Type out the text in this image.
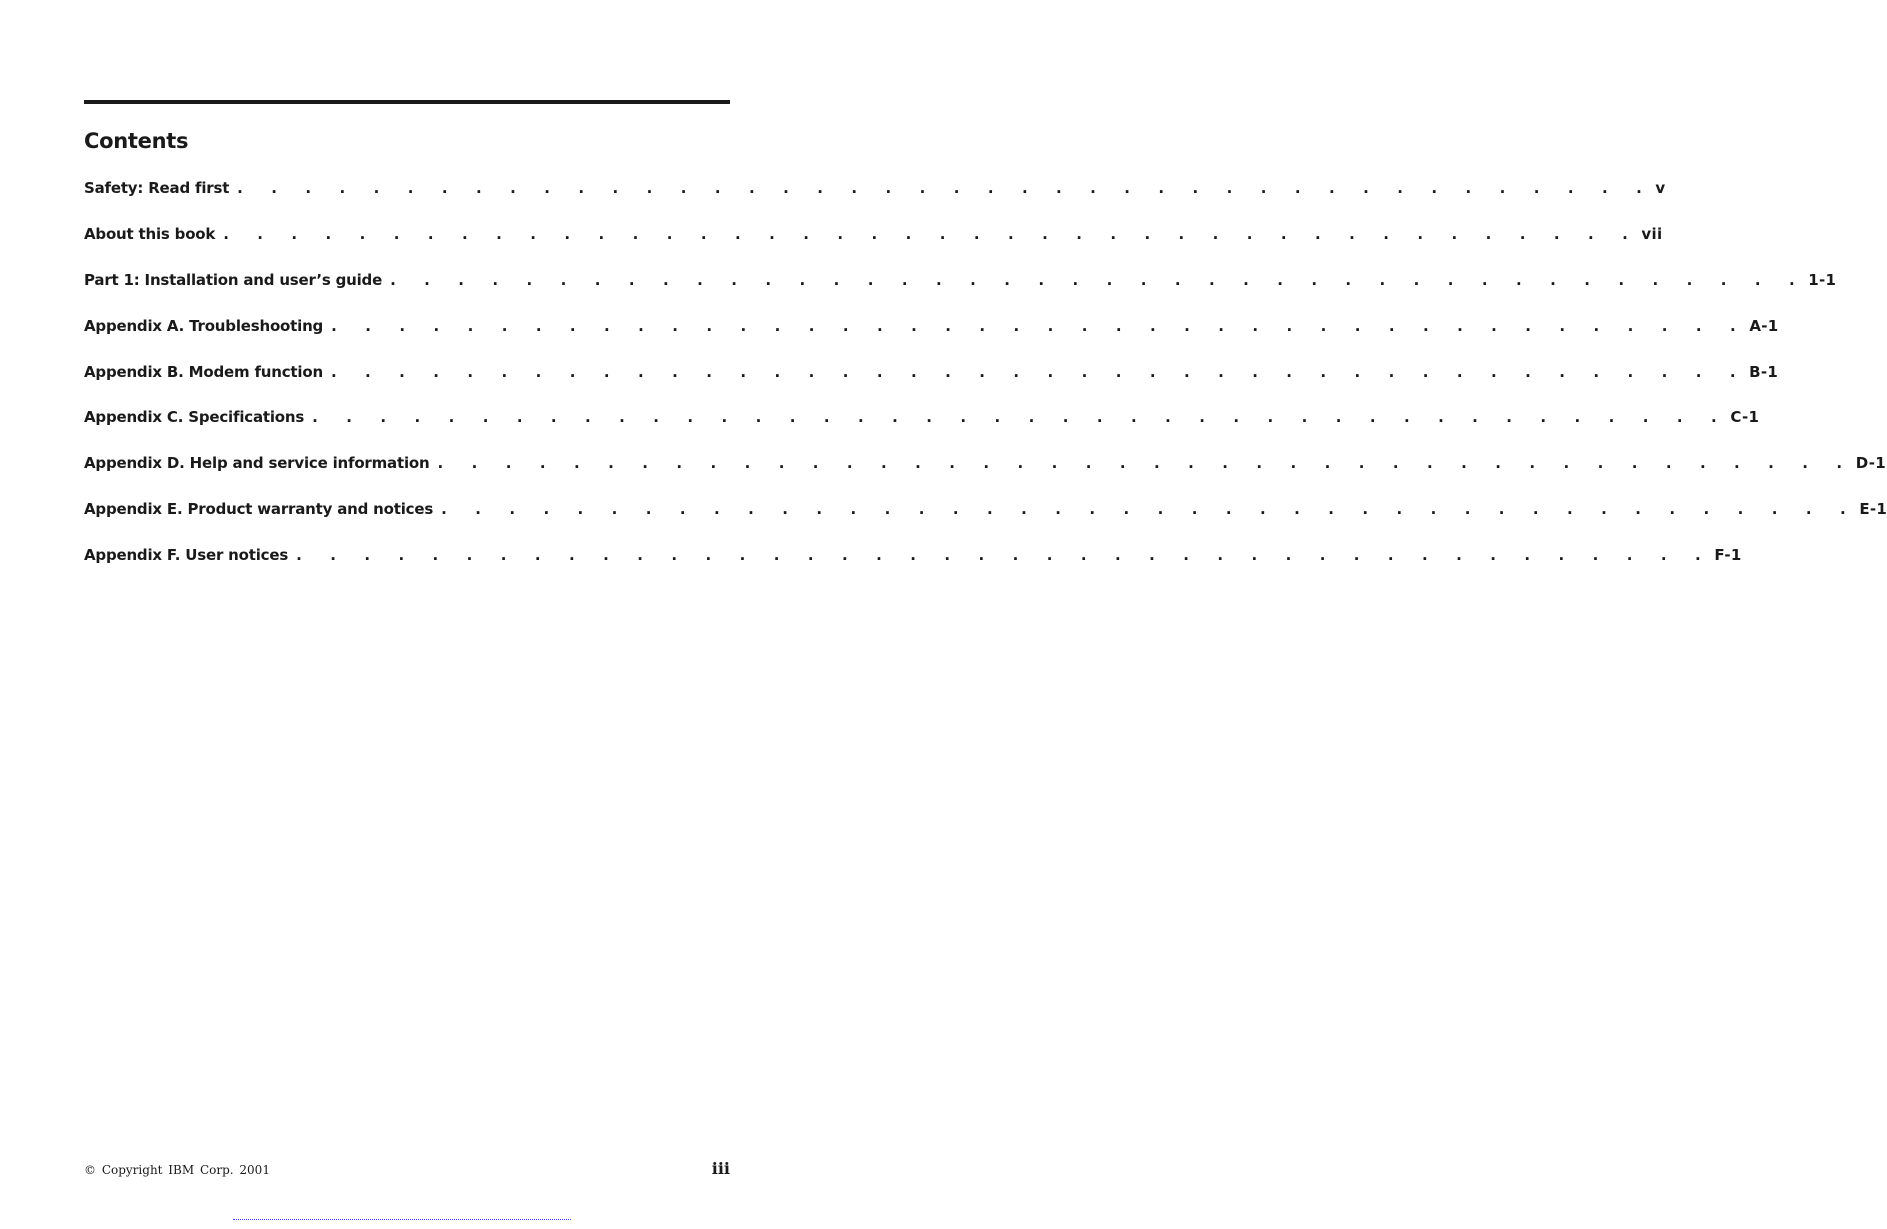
Contents
Safety: Read first . . . . . . . . . . . . . . . . . . . . . . . . . . . . . . . . . . . . . . . . . . v
About this book . . . . . . . . . . . . . . . . . . . . . . . . . . . . . . . . . . . . . . . . . . vii
Part 1: Installation and user’s guide . . . . . . . . . . . . . . . . . . . . . . . . . . . . . . . . . . . . . . . . . . 1-1
Appendix A. Troubleshooting . . . . . . . . . . . . . . . . . . . . . . . . . . . . . . . . . . . . . . . . . . A-1
Appendix B. Modem function . . . . . . . . . . . . . . . . . . . . . . . . . . . . . . . . . . . . . . . . . . B-1
Appendix C. Specifications . . . . . . . . . . . . . . . . . . . . . . . . . . . . . . . . . . . . . . . . . . C-1
Appendix D. Help and service information . . . . . . . . . . . . . . . . . . . . . . . . . . . . . . . . . . . . . . . . . . D-1
Appendix E. Product warranty and notices . . . . . . . . . . . . . . . . . . . . . . . . . . . . . . . . . . . . . . . . . . E-1
Appendix F. User notices . . . . . . . . . . . . . . . . . . . . . . . . . . . . . . . . . . . . . . . . . . F-1
© Copyright IBM Corp. 2001	iii
